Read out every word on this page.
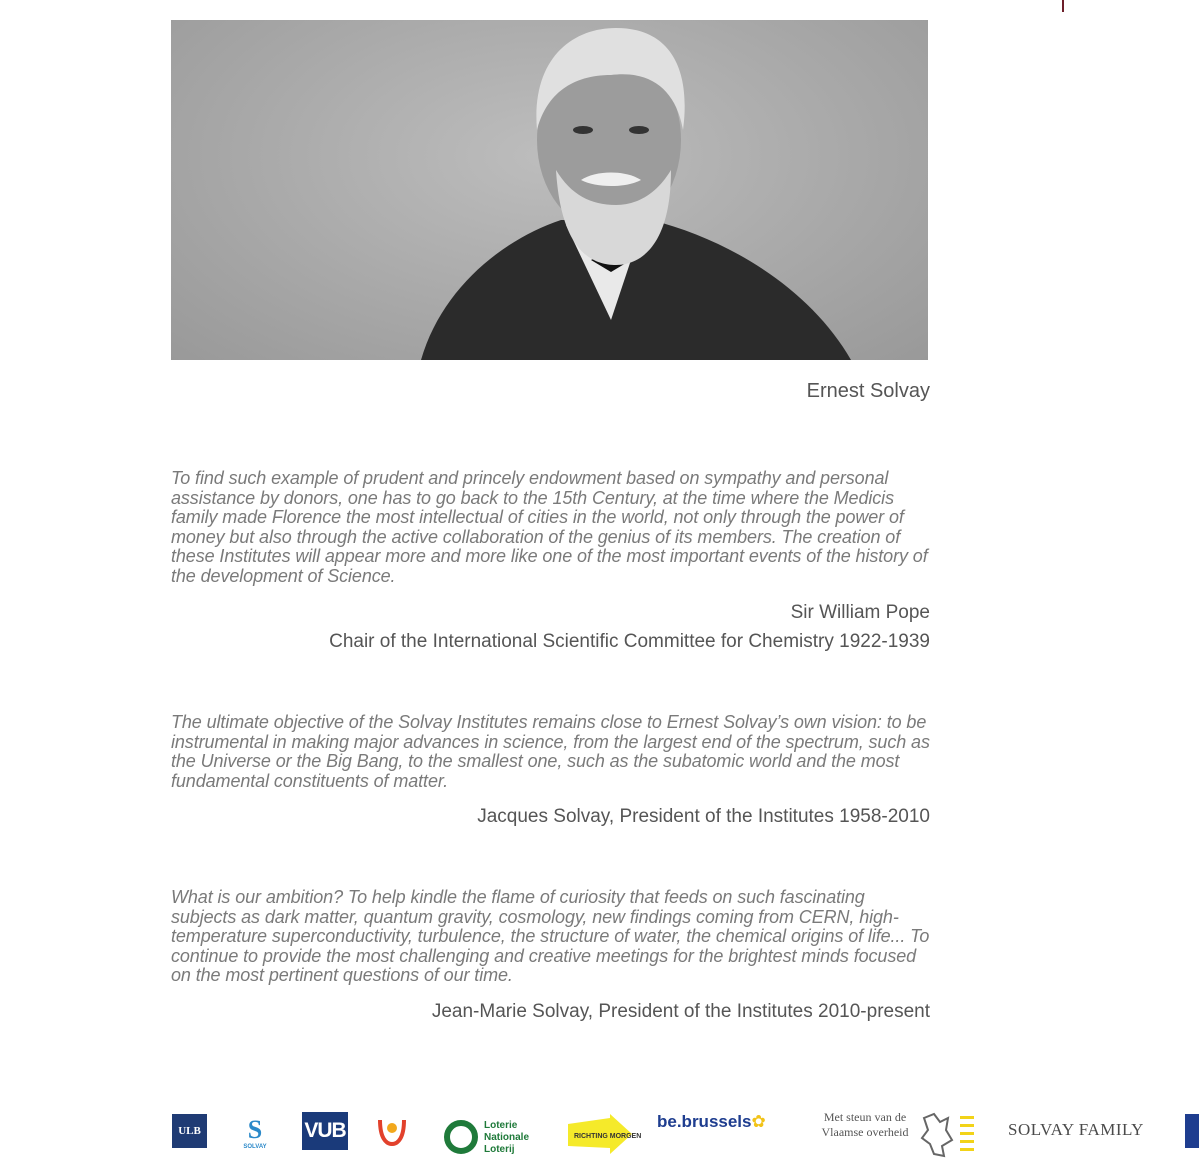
Ernest Solvay
To find such example of prudent and princely endowment based on sympathy and personal assistance by donors, one has to go back to the 15th Century, at the time where the Medicis family made Florence the most intellectual of cities in the world, not only through the power of money but also through the active collaboration of the genius of its members. The creation of these Institutes will appear more and more like one of the most important events of the history of the development of Science.
Sir William Pope
Chair of the International Scientific Committee for Chemistry 1922-1939
The ultimate objective of the Solvay Institutes remains close to Ernest Solvay’s own vision: to be instrumental in making major advances in science, from the largest end of the spectrum, such as the Universe or the Big Bang, to the smallest one, such as the subatomic world and the most fundamental constituents of matter.
Jacques Solvay, President of the Institutes 1958-2010
What is our ambition? To help kindle the flame of curiosity that feeds on such fascinating subjects as dark matter, quantum gravity, cosmology, new findings coming from CERN, high-temperature superconductivity, turbulence, the structure of water, the chemical origins of life... To continue to provide the most challenging and creative meetings for the brightest minds focused on the most pertinent questions of our time.
Jean-Marie Solvay, President of the Institutes 2010-present
ULB	S
SOLVAY
VUB	Loterie
Nationale
Loterij
RICHTING MORGEN
be.brussels✿	Met steun van de
Vlaamse overheid	SOLVAY FAMILY
